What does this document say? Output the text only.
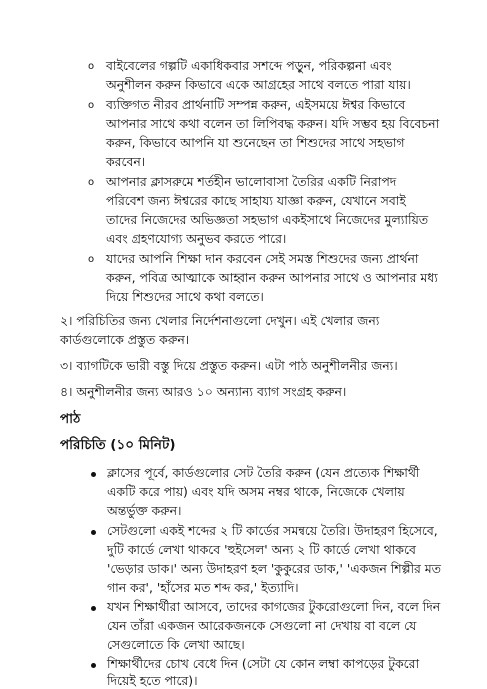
o বাইবেলের গল্পটি একাধিকবার সশব্দে পড়ুন, পরিকল্পনা এবং
অনুশীলন করুন কিভাবে একে আগ্রহের সাথে বলতে পারা যায়।
o ব্যক্তিগত নীরব প্রার্থনাটি সম্পন্ন করুন, এইসময়ে ঈশ্বর কিভাবে
আপনার সাথে কথা বলেন তা লিপিবদ্ধ করুন। যদি সম্ভব হয় বিবেচনা
করুন, কিভাবে আপনি যা শুনেছেন তা শিশুদের সাথে সহভাগ
করবেন।
o আপনার ক্লাসরুমে শর্তহীন ভালোবাসা তৈরির একটি নিরাপদ
পরিবেশ জন্য ঈশ্বরের কাছে সাহায্য যাজ্ঞা করুন, যেখানে সবাই
তাদের নিজেদের অভিজ্ঞতা সহভাগ একইসাথে নিজেদের মুল্যায়িত
এবং গ্রহণযোগ্য অনুভব করতে পারে।
o যাদের আপনি শিক্ষা দান করবেন সেই সমস্ত শিশুদের জন্য প্রার্থনা
করুন, পবিত্র আত্মাকে আহ্বান করুন আপনার সাথে ও আপনার মধ্য
দিয়ে শিশুদের সাথে কথা বলতে।
২। পরিচিতির জন্য খেলার নির্দেশনাগুলো দেখুন। এই খেলার জন্য
কার্ডগুলোকে প্রস্তুত করুন।
৩। ব্যাগটিকে ভারী বস্তু দিয়ে প্রস্তুত করুন। এটা পাঠ অনুশীলনীর জন্য।
৪। অনুশীলনীর জন্য আরও ১০ অন্যান্য ব্যাগ সংগ্রহ করুন।
পাঠ
পরিচিতি (১০ মিনিট)
ক্লাসের পূর্বে, কার্ডগুলোর সেট তৈরি করুন (যেন প্রত্যেক শিক্ষার্থী
একটি করে পায়) এবং যদি অসম নম্বর থাকে, নিজেকে খেলায়
অন্তর্ভুক্ত করুন।
সেটগুলো একই শব্দের ২ টি কার্ডের সমন্বয়ে তৈরি। উদাহরণ হিসেবে,
দুটি কার্ডে লেখা থাকবে 'হুইসেল' অন্য ২ টি কার্ডে লেখা থাকবে
'ভেড়ার ডাক।' অন্য উদাহরণ হল 'কুকুরের ডাক,' 'একজন শিল্পীর মত
গান কর', 'হাঁসের মত শব্দ কর,' ইত্যাদি।
যখন শিক্ষার্থীরা আসবে, তাদের কাগজের টুকরোগুলো দিন, বলে দিন
যেন তাঁরা একজন আরেকজনকে সেগুলো না দেখায় বা বলে যে
সেগুলোতে কি লেখা আছে।
শিক্ষার্থীদের চোখ বেধে দিন (সেটা যে কোন লম্বা কাপড়ের টুকরো
দিয়েই হতে পারে)।
